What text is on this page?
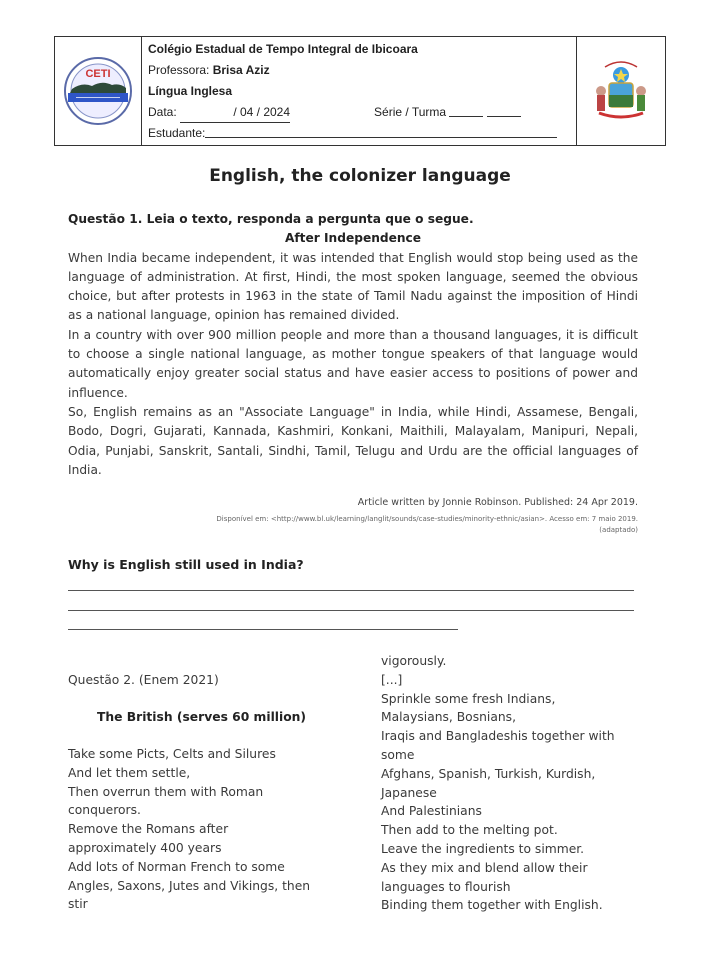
CETI
Colégio Estadual de Tempo Integral de Ibicoara
Professora:
Brisa Aziz
Língua Inglesa
Data:
	/ 04 / 2024	Série / Turma

Estudante:
English, the colonizer language
Questão 1. Leia o texto, responda a pergunta que o segue.
After Independence

When India became independent, it was intended that English would stop being used as the language of administration. At first, Hindi, the most spoken language, seemed the obvious choice, but after protests in 1963 in the state of Tamil Nadu against the imposition of Hindi as a national language, opinion has remained divided.

In a country with over 900 million people and more than a thousand languages, it is difficult to choose a single national language, as mother tongue speakers of that language would automatically enjoy greater social status and have easier access to positions of power and influence.

So, English remains as an "Associate Language" in India, while Hindi, Assamese, Bengali, Bodo, Dogri, Gujarati, Kannada, Kashmiri, Konkani, Maithili, Malayalam, Manipuri, Nepali, Odia, Punjabi, Sanskrit, Santali, Sindhi, Tamil, Telugu and Urdu are the official languages of India.

Article written by Jonnie Robinson. Published: 24 Apr 2019.
Disponível em: <http://www.bl.uk/learning/langlit/sounds/case-studies/minority-ethnic/asian>. Acesso em: 7 maio 2019.
(adaptado)
Why is English still used in India?
Questão 2. (Enem 2021)
The British (serves 60 million)
Take some Picts, Celts and Silures
And let them settle,
Then overrun them with Roman
conquerors.
Remove the Romans after
approximately 400 years
Add lots of Norman French to some
Angles, Saxons, Jutes and Vikings, then
stir
vigorously.
[...]
Sprinkle some fresh Indians,
Malaysians, Bosnians,
Iraqis and Bangladeshis together with
some
Afghans, Spanish, Turkish, Kurdish,
Japanese
And Palestinians
Then add to the melting pot.
Leave the ingredients to simmer.
As they mix and blend allow their
languages to flourish
Binding them together with English.
